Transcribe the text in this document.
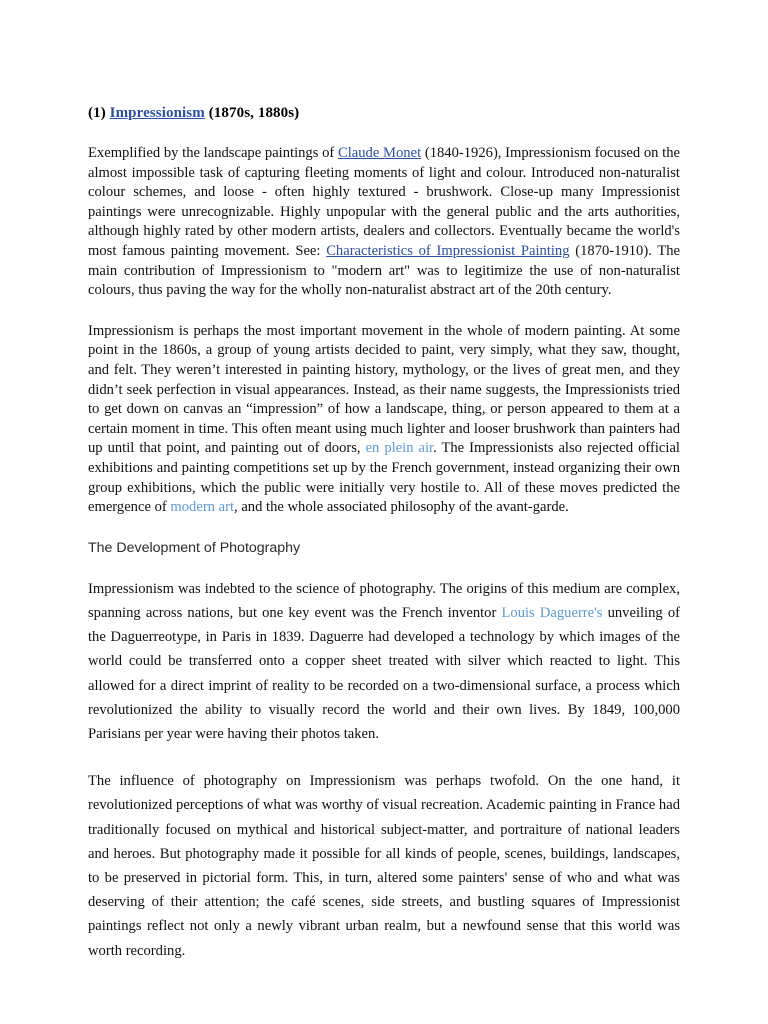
(1) Impressionism (1870s, 1880s)

Exemplified by the landscape paintings of Claude Monet (1840-1926), Impressionism focused on the almost impossible task of capturing fleeting moments of light and colour. Introduced non-naturalist colour schemes, and loose - often highly textured - brushwork. Close-up many Impressionist paintings were unrecognizable. Highly unpopular with the general public and the arts authorities, although highly rated by other modern artists, dealers and collectors. Eventually became the world's most famous painting movement. See: Characteristics of Impressionist Painting (1870-1910). The main contribution of Impressionism to "modern art" was to legitimize the use of non-naturalist colours, thus paving the way for the wholly non-naturalist abstract art of the 20th century.

Impressionism is perhaps the most important movement in the whole of modern painting. At some point in the 1860s, a group of young artists decided to paint, very simply, what they saw, thought, and felt. They weren’t interested in painting history, mythology, or the lives of great men, and they didn’t seek perfection in visual appearances. Instead, as their name suggests, the Impressionists tried to get down on canvas an “impression” of how a landscape, thing, or person appeared to them at a certain moment in time. This often meant using much lighter and looser brushwork than painters had up until that point, and painting out of doors, en plein air. The Impressionists also rejected official exhibitions and painting competitions set up by the French government, instead organizing their own group exhibitions, which the public were initially very hostile to. All of these moves predicted the emergence of modern art, and the whole associated philosophy of the avant-garde.

The Development of Photography

Impressionism was indebted to the science of photography. The origins of this medium are complex, spanning across nations, but one key event was the French inventor Louis Daguerre's unveiling of the Daguerreotype, in Paris in 1839. Daguerre had developed a technology by which images of the world could be transferred onto a copper sheet treated with silver which reacted to light. This allowed for a direct imprint of reality to be recorded on a two-dimensional surface, a process which revolutionized the ability to visually record the world and their own lives. By 1849, 100,000 Parisians per year were having their photos taken.

The influence of photography on Impressionism was perhaps twofold. On the one hand, it revolutionized perceptions of what was worthy of visual recreation. Academic painting in France had traditionally focused on mythical and historical subject-matter, and portraiture of national leaders and heroes. But photography made it possible for all kinds of people, scenes, buildings, landscapes, to be preserved in pictorial form. This, in turn, altered some painters' sense of who and what was deserving of their attention; the café scenes, side streets, and bustling squares of Impressionist paintings reflect not only a newly vibrant urban realm, but a newfound sense that this world was worth recording.
